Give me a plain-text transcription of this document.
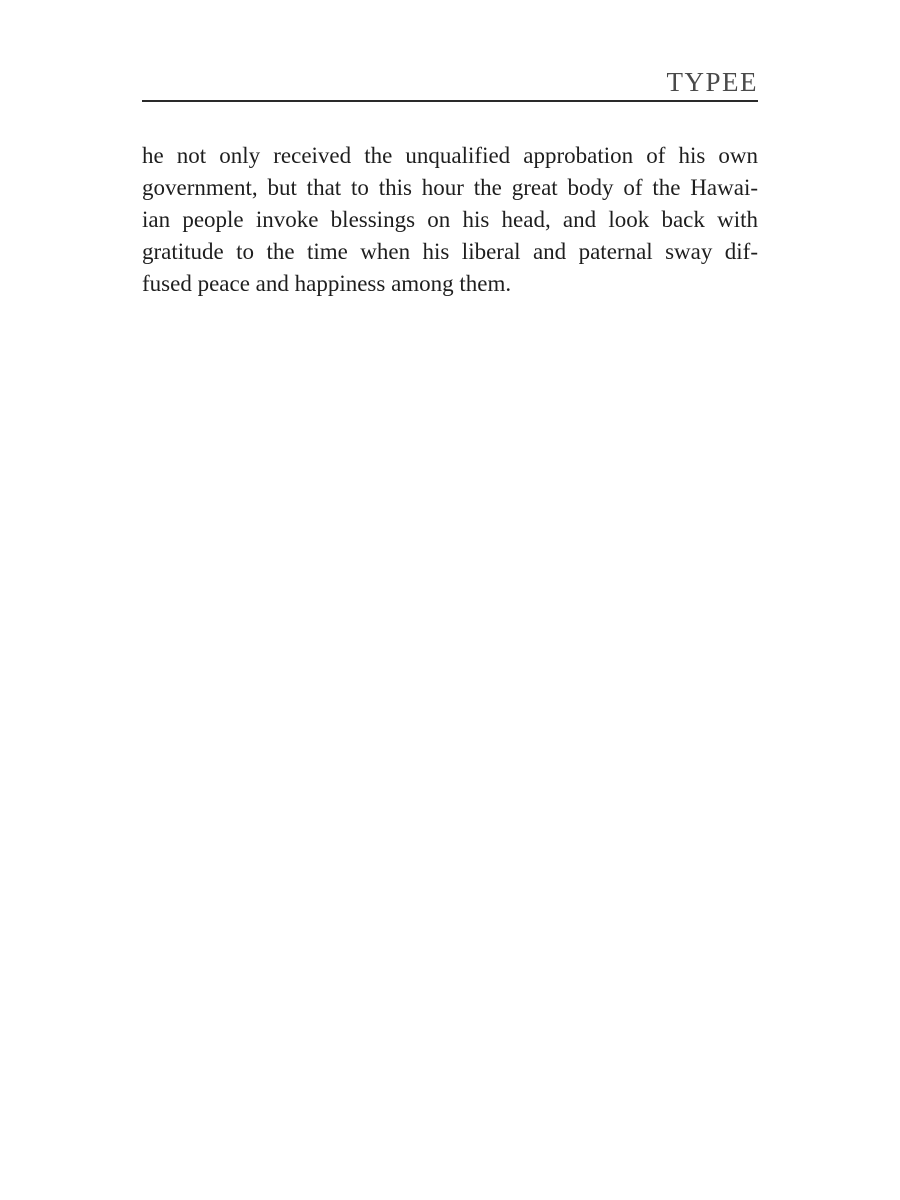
TYPEE
he not only received the unqualified approbation of his own
government, but that to this hour the great body of the Hawai-
ian people invoke blessings on his head, and look back with
gratitude to the time when his liberal and paternal sway dif-
fused peace and happiness among them.
